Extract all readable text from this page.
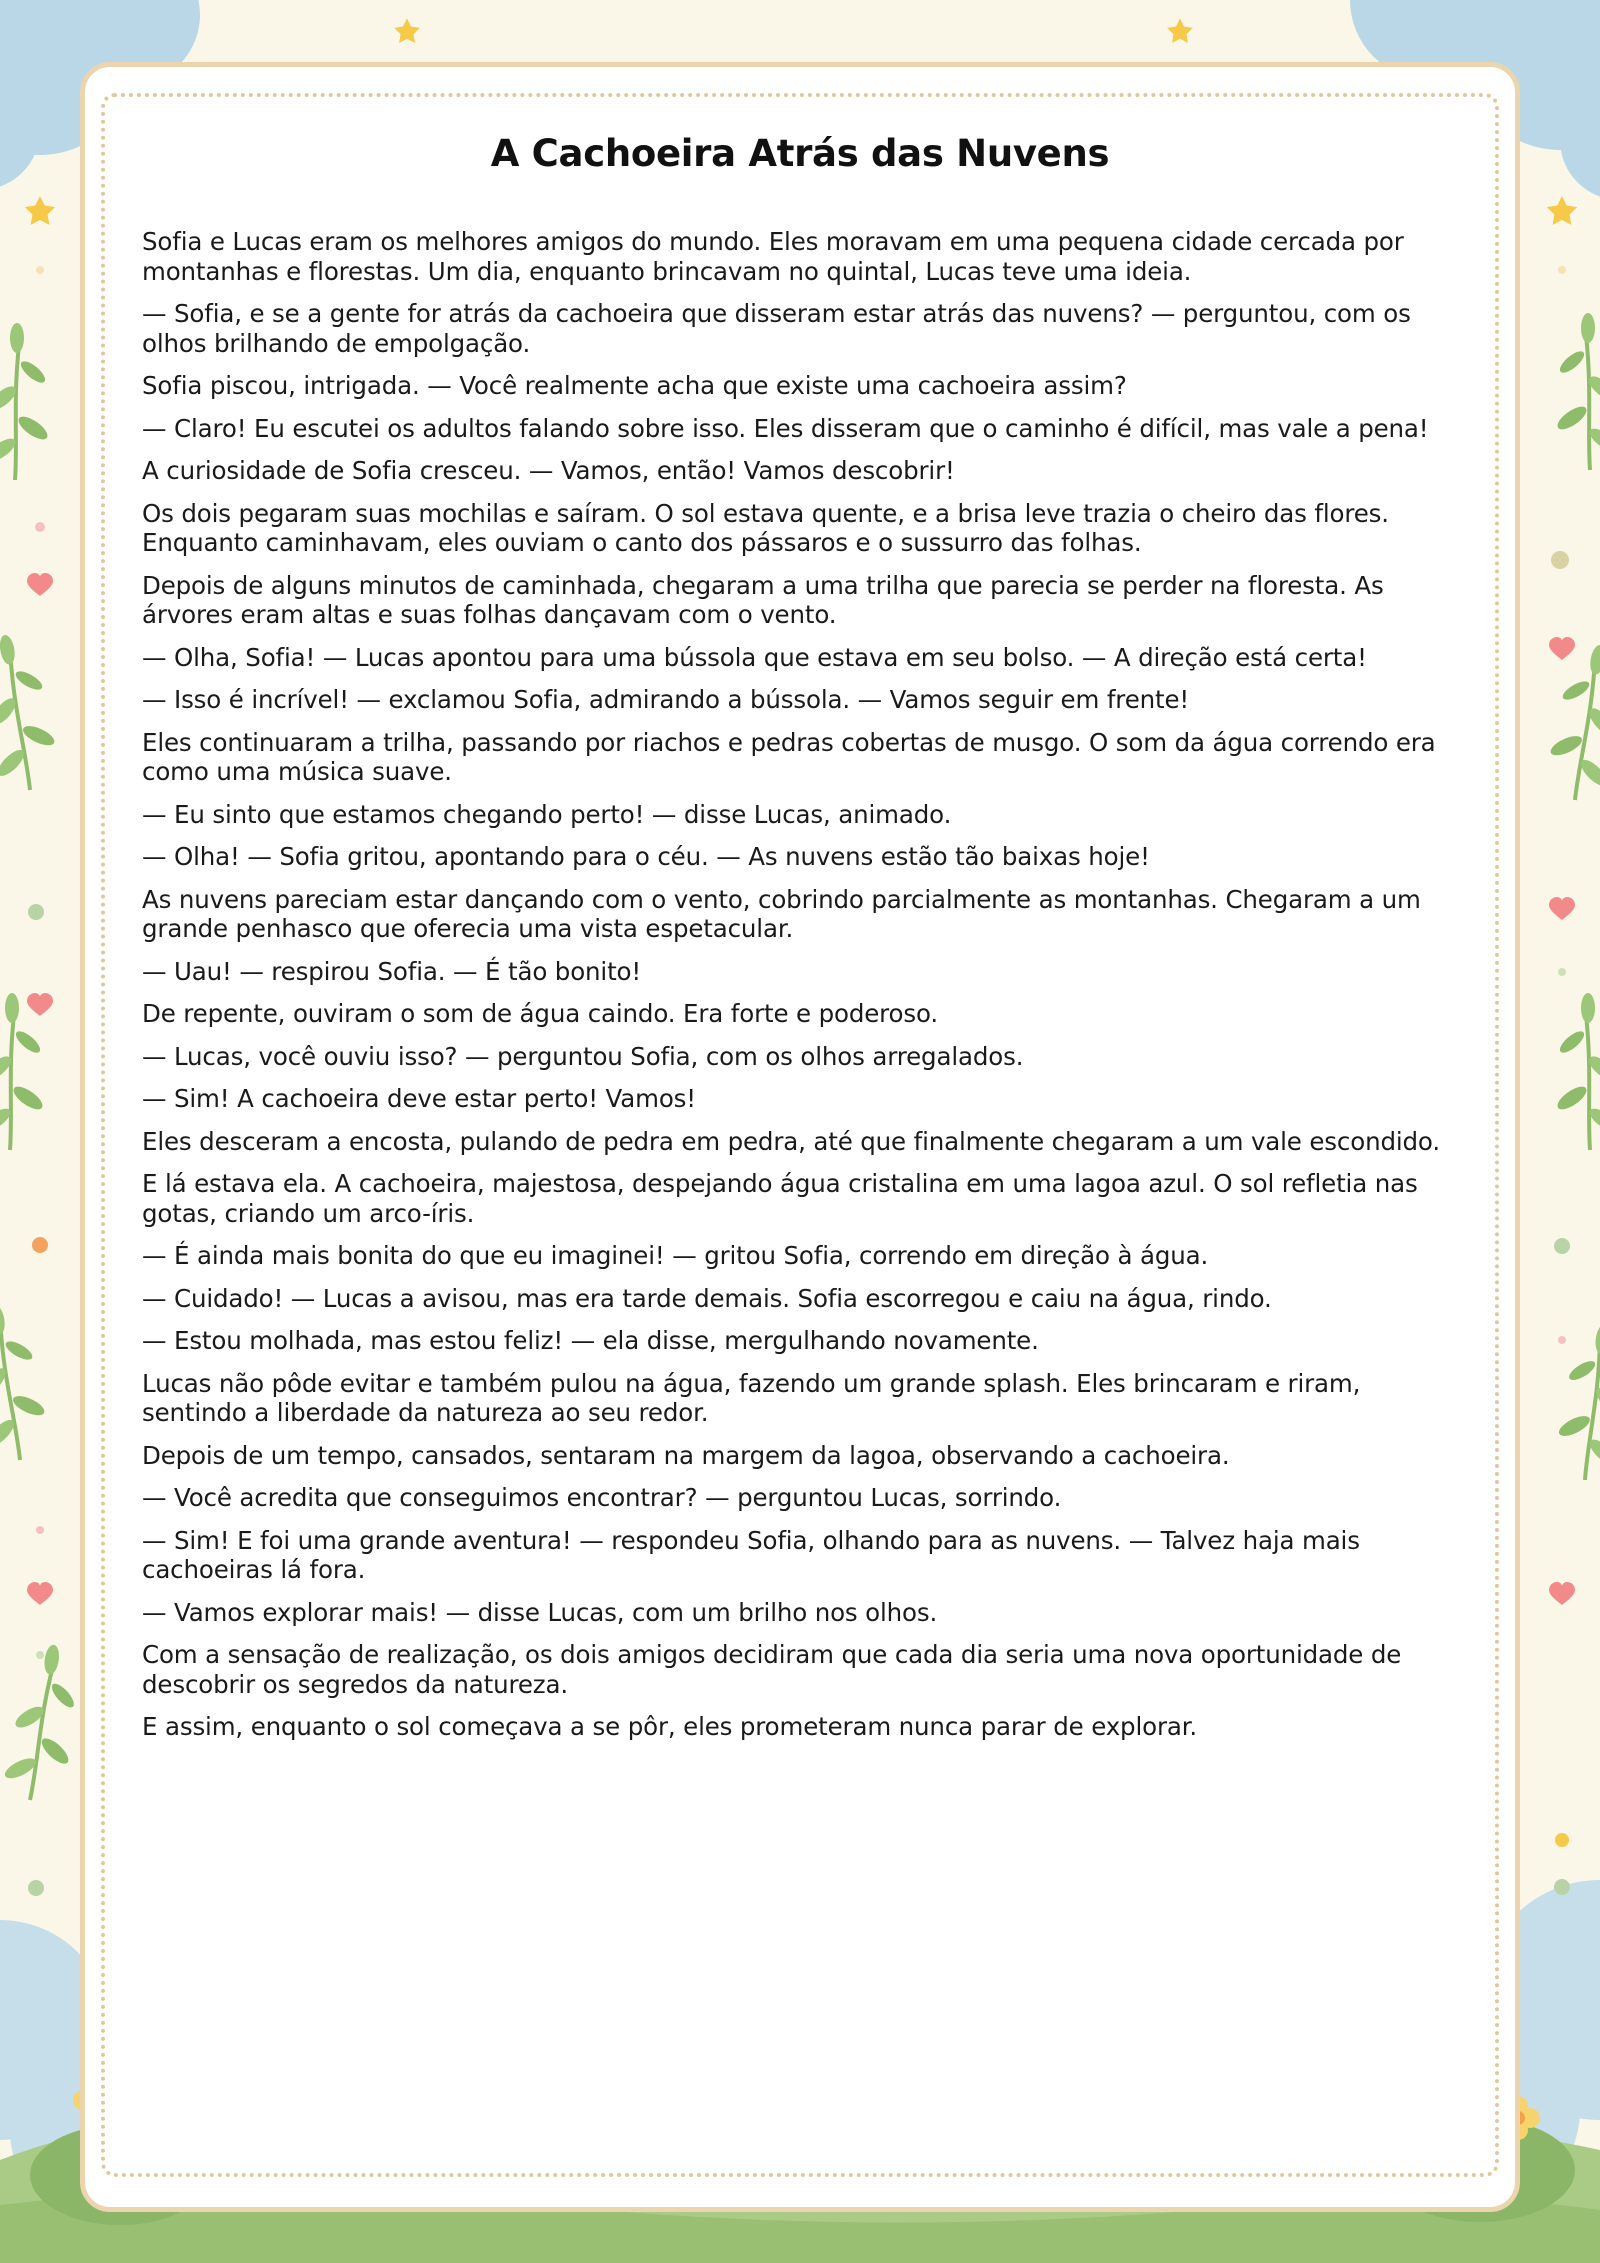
A Cachoeira Atrás das Nuvens

Sofia e Lucas eram os melhores amigos do mundo. Eles moravam em uma pequena cidade cercada por montanhas e florestas. Um dia, enquanto brincavam no quintal, Lucas teve uma ideia.

— Sofia, e se a gente for atrás da cachoeira que disseram estar atrás das nuvens? — perguntou, com os olhos brilhando de empolgação.

Sofia piscou, intrigada. — Você realmente acha que existe uma cachoeira assim?

— Claro! Eu escutei os adultos falando sobre isso. Eles disseram que o caminho é difícil, mas vale a pena!

A curiosidade de Sofia cresceu. — Vamos, então! Vamos descobrir!

Os dois pegaram suas mochilas e saíram. O sol estava quente, e a brisa leve trazia o cheiro das flores. Enquanto caminhavam, eles ouviam o canto dos pássaros e o sussurro das folhas.

Depois de alguns minutos de caminhada, chegaram a uma trilha que parecia se perder na floresta. As árvores eram altas e suas folhas dançavam com o vento.

— Olha, Sofia! — Lucas apontou para uma bússola que estava em seu bolso. — A direção está certa!

— Isso é incrível! — exclamou Sofia, admirando a bússola. — Vamos seguir em frente!

Eles continuaram a trilha, passando por riachos e pedras cobertas de musgo. O som da água correndo era como uma música suave.

— Eu sinto que estamos chegando perto! — disse Lucas, animado.

— Olha! — Sofia gritou, apontando para o céu. — As nuvens estão tão baixas hoje!

As nuvens pareciam estar dançando com o vento, cobrindo parcialmente as montanhas. Chegaram a um grande penhasco que oferecia uma vista espetacular.

— Uau! — respirou Sofia. — É tão bonito!

De repente, ouviram o som de água caindo. Era forte e poderoso.

— Lucas, você ouviu isso? — perguntou Sofia, com os olhos arregalados.

— Sim! A cachoeira deve estar perto! Vamos!

Eles desceram a encosta, pulando de pedra em pedra, até que finalmente chegaram a um vale escondido.

E lá estava ela. A cachoeira, majestosa, despejando água cristalina em uma lagoa azul. O sol refletia nas gotas, criando um arco-íris.

— É ainda mais bonita do que eu imaginei! — gritou Sofia, correndo em direção à água.

— Cuidado! — Lucas a avisou, mas era tarde demais. Sofia escorregou e caiu na água, rindo.

— Estou molhada, mas estou feliz! — ela disse, mergulhando novamente.

Lucas não pôde evitar e também pulou na água, fazendo um grande splash. Eles brincaram e riram, sentindo a liberdade da natureza ao seu redor.

Depois de um tempo, cansados, sentaram na margem da lagoa, observando a cachoeira.

— Você acredita que conseguimos encontrar? — perguntou Lucas, sorrindo.

— Sim! E foi uma grande aventura! — respondeu Sofia, olhando para as nuvens. — Talvez haja mais cachoeiras lá fora.

— Vamos explorar mais! — disse Lucas, com um brilho nos olhos.

Com a sensação de realização, os dois amigos decidiram que cada dia seria uma nova oportunidade de descobrir os segredos da natureza.

E assim, enquanto o sol começava a se pôr, eles prometeram nunca parar de explorar.
